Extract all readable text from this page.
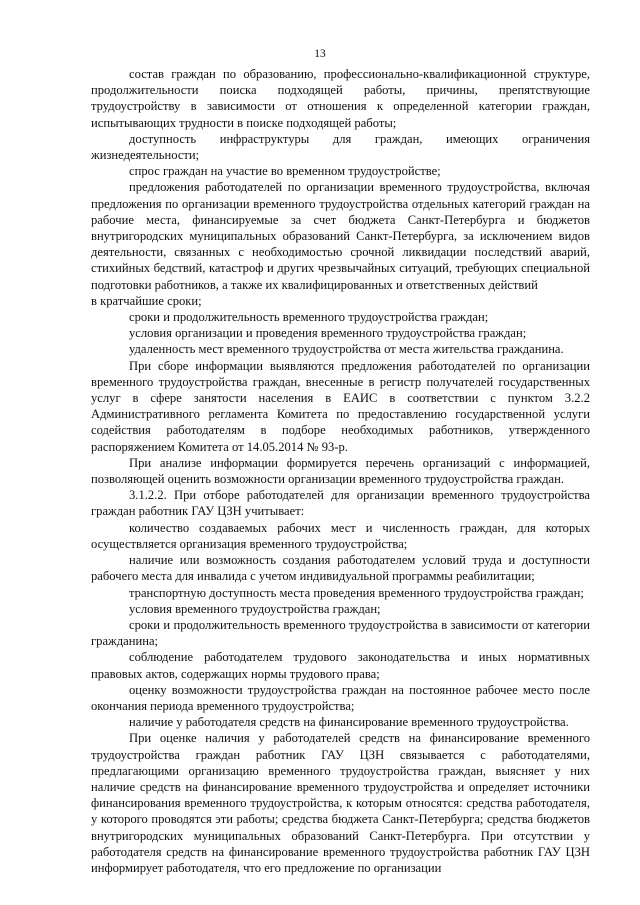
13

состав граждан по образованию, профессионально-квалификационной структуре, продолжительности поиска подходящей работы, причины, препятствующие трудоустройству в зависимости от отношения к определенной категории граждан, испытывающих трудности в поиске подходящей работы;

доступность инфраструктуры для граждан, имеющих ограничения жизнедеятельности;

спрос граждан на участие во временном трудоустройстве;

предложения работодателей по организации временного трудоустройства, включая предложения по организации временного трудоустройства отдельных категорий граждан на рабочие места, финансируемые за счет бюджета Санкт-Петербурга и бюджетов внутригородских муниципальных образований Санкт-Петербурга, за исключением видов деятельности, связанных с необходимостью срочной ликвидации последствий аварий, стихийных бедствий, катастроф и других чрезвычайных ситуаций, требующих специальной подготовки работников, а также их квалифицированных и ответственных действий

в кратчайшие сроки;

сроки и продолжительность временного трудоустройства граждан;

условия организации и проведения временного трудоустройства граждан;

удаленность мест временного трудоустройства от места жительства гражданина.

При сборе информации выявляются предложения работодателей по организации временного трудоустройства граждан, внесенные в регистр получателей государственных услуг в сфере занятости населения в ЕАИС в соответствии с пунктом 3.2.2 Административного регламента Комитета по предоставлению государственной услуги содействия работодателям в подборе необходимых работников, утвержденного распоряжением Комитета от 14.05.2014 № 93-р.

При анализе информации формируется перечень организаций с информацией, позволяющей оценить возможности организации временного трудоустройства граждан.

3.1.2.2. При отборе работодателей для организации временного трудоустройства граждан работник ГАУ ЦЗН учитывает:

количество создаваемых рабочих мест и численность граждан, для которых осуществляется организация временного трудоустройства;

наличие или возможность создания работодателем условий труда и доступности рабочего места для инвалида с учетом индивидуальной программы реабилитации;

транспортную доступность места проведения временного трудоустройства граждан;

условия временного трудоустройства граждан;

сроки и продолжительность временного трудоустройства в зависимости от категории гражданина;

соблюдение работодателем трудового законодательства и иных нормативных правовых актов, содержащих нормы трудового права;

оценку возможности трудоустройства граждан на постоянное рабочее место после окончания периода временного трудоустройства;

наличие у работодателя средств на финансирование временного трудоустройства.

При оценке наличия у работодателей средств на финансирование временного трудоустройства граждан работник ГАУ ЦЗН связывается с работодателями, предлагающими организацию временного трудоустройства граждан, выясняет у них наличие средств на финансирование временного трудоустройства и определяет источники финансирования временного трудоустройства, к которым относятся: средства работодателя, у которого проводятся эти работы; средства бюджета Санкт-Петербурга; средства бюджетов внутригородских муниципальных образований Санкт-Петербурга. При отсутствии у работодателя средств на финансирование временного трудоустройства работник ГАУ ЦЗН информирует работодателя, что его предложение по организации
